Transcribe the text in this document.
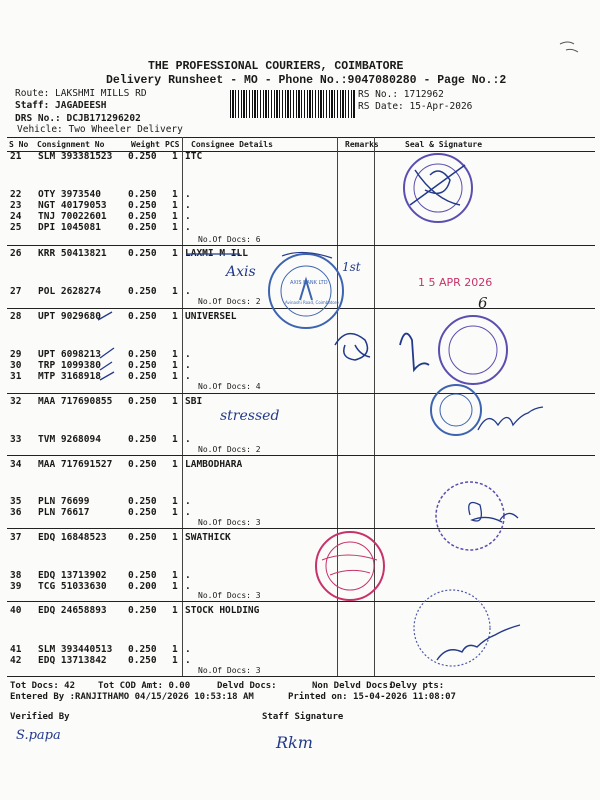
THE PROFESSIONAL COURIERS, COIMBATORE
Delivery Runsheet - MO - Phone No.:9047080280 - Page No.:2
Route: LAKSHMI MILLS RD
Staff: JAGADEESH
DRS No.: DCJB171296202
Vehicle: Two Wheeler Delivery
RS No.: 1712962
RS Date: 15-Apr-2026
S No	Consignment No	Weight	PCS	Consignee Details	Remarks	Seal & Signature
21 SLM 393381523 0.250 1 ITC
22 OTY 3973540	0.250 1 .
23 NGT 40179053 0.250 1 .
24 TNJ 70022601 0.250 1 .
25 DPI 1045081	0.250 1 .
26 KRR 50413821 0.250 1 LAXMI M ILL
27 POL 2628274	0.250 1 .
28 UPT 9029680	0.250 1 UNIVERSEL
29 UPT 6098213	0.250 1 .
30 TRP 1099380	0.250 1 .
31 MTP 3168918	0.250 1 .
32 MAA 717690855 0.250 1 SBI
33 TVM 9268094	0.250 1 .
34 MAA 717691527 0.250 1 LAMBODHARA
35 PLN 76699	0.250 1 .
36 PLN 76617	0.250 1 .
37 EDQ 16848523 0.250 1 SWATHICK
38 EDQ 13713902 0.250 1 .
39 TCG 51033630 0.200 1 .
40 EDQ 24658893 0.250 1 STOCK HOLDING
41 SLM 393440513 0.250 1 .
42 EDQ 13713842 0.250 1 .
No.Of Docs: 6
No.Of Docs: 2
No.Of Docs: 4
No.Of Docs: 2
No.Of Docs: 3
No.Of Docs: 3
No.Of Docs: 3
Tot Docs: 42	Tot COD Amt: 0.00	Delvd Docs:	Non Delvd Docs:
Delvy pts:
Entered By :RANJITHAMO 04/15/2026 10:53:18 AM	Printed on: 15-04-2026 11:08:07
Verified By	Staff Signature
Axis	1st
1 5 APR 2026
6
stressed
S.papa	Rkm
AXIS BANK LTD
Avinashi Road, Coimbatore
